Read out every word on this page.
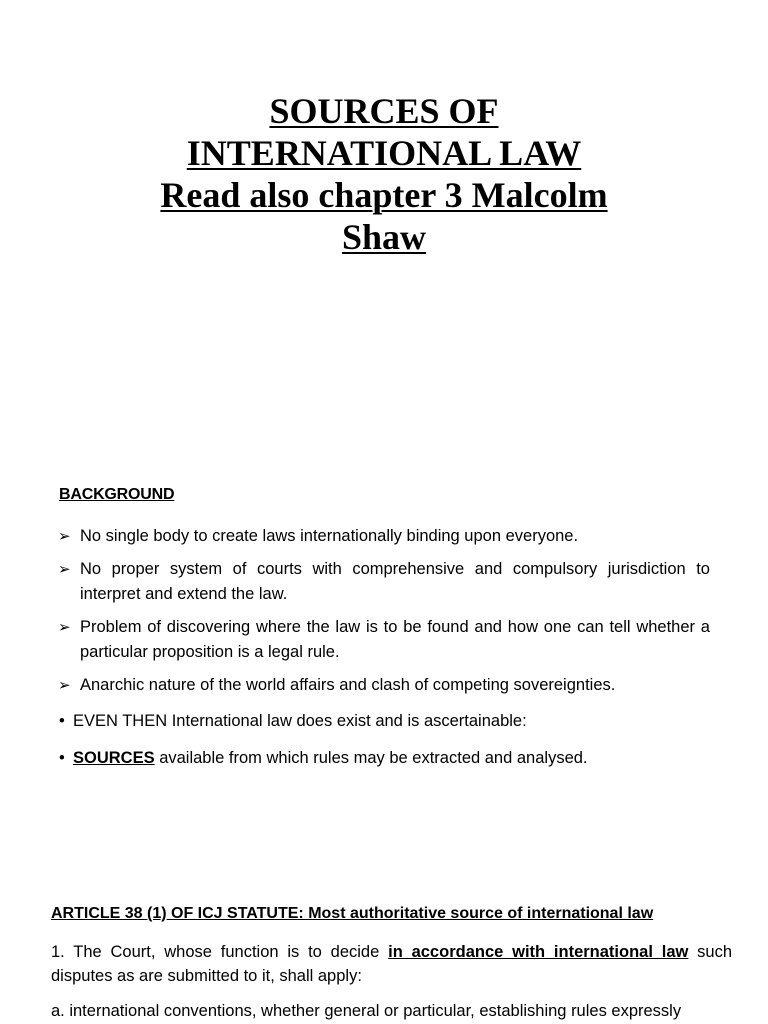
SOURCES OF
INTERNATIONAL LAW
Read also chapter 3 Malcolm
Shaw
BACKGROUND
➢ No single body to create laws internationally binding upon everyone.
➢ No proper system of courts with comprehensive and compulsory jurisdiction to interpret and extend the law.
➢ Problem of discovering where the law is to be found and how one can tell whether a particular proposition is a legal rule.
➢ Anarchic nature of the world affairs and clash of competing sovereignties.
• EVEN THEN International law does exist and is ascertainable:
• SOURCES available from which rules may be extracted and analysed.
ARTICLE 38 (1) OF ICJ STATUTE: Most authoritative source of international law
1. The Court, whose function is to decide in accordance with international law such disputes as are submitted to it, shall apply:
a. international conventions, whether general or particular, establishing rules expressly
